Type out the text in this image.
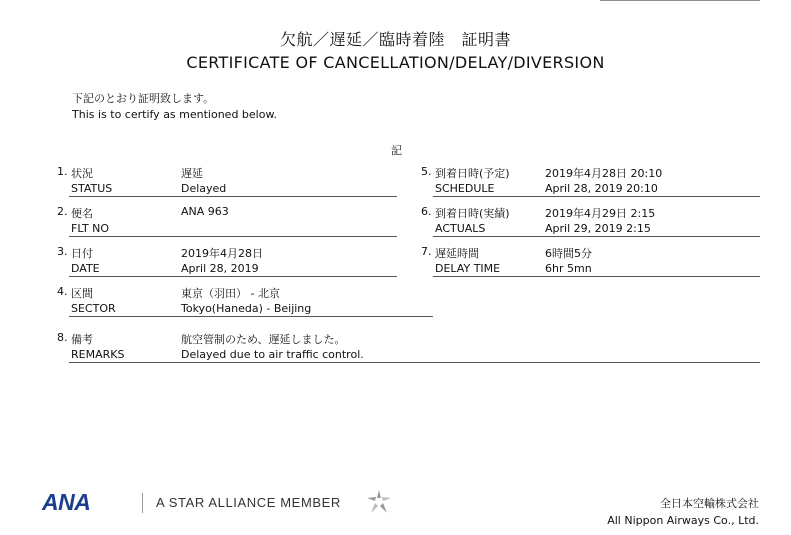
欠航／遅延／臨時着陸　証明書
CERTIFICATE OF CANCELLATION/DELAY/DIVERSION
下記のとおり証明致します。
This is to certify as mentioned below.
記
1. 状況
STATUS
遅延
Delayed
2. 便名
FLT NO
ANA 963
3. 日付
DATE
2019年4月28日
April 28, 2019
4. 区間
SECTOR
東京（羽田） - 北京
Tokyo(Haneda) - Beijing
5. 到着日時(予定)
SCHEDULE
2019年4月28日 20:10
April 28, 2019 20:10
6. 到着日時(実績)
ACTUALS
2019年4月29日 2:15
April 29, 2019 2:15
7. 遅延時間
DELAY TIME
6時間5分
6hr 5mn
8. 備考
REMARKS
航空管制のため、遅延しました。
Delayed due to air traffic control.
ANA	A STAR ALLIANCE MEMBER	全日本空輸株式会社
All Nippon Airways Co., Ltd.
